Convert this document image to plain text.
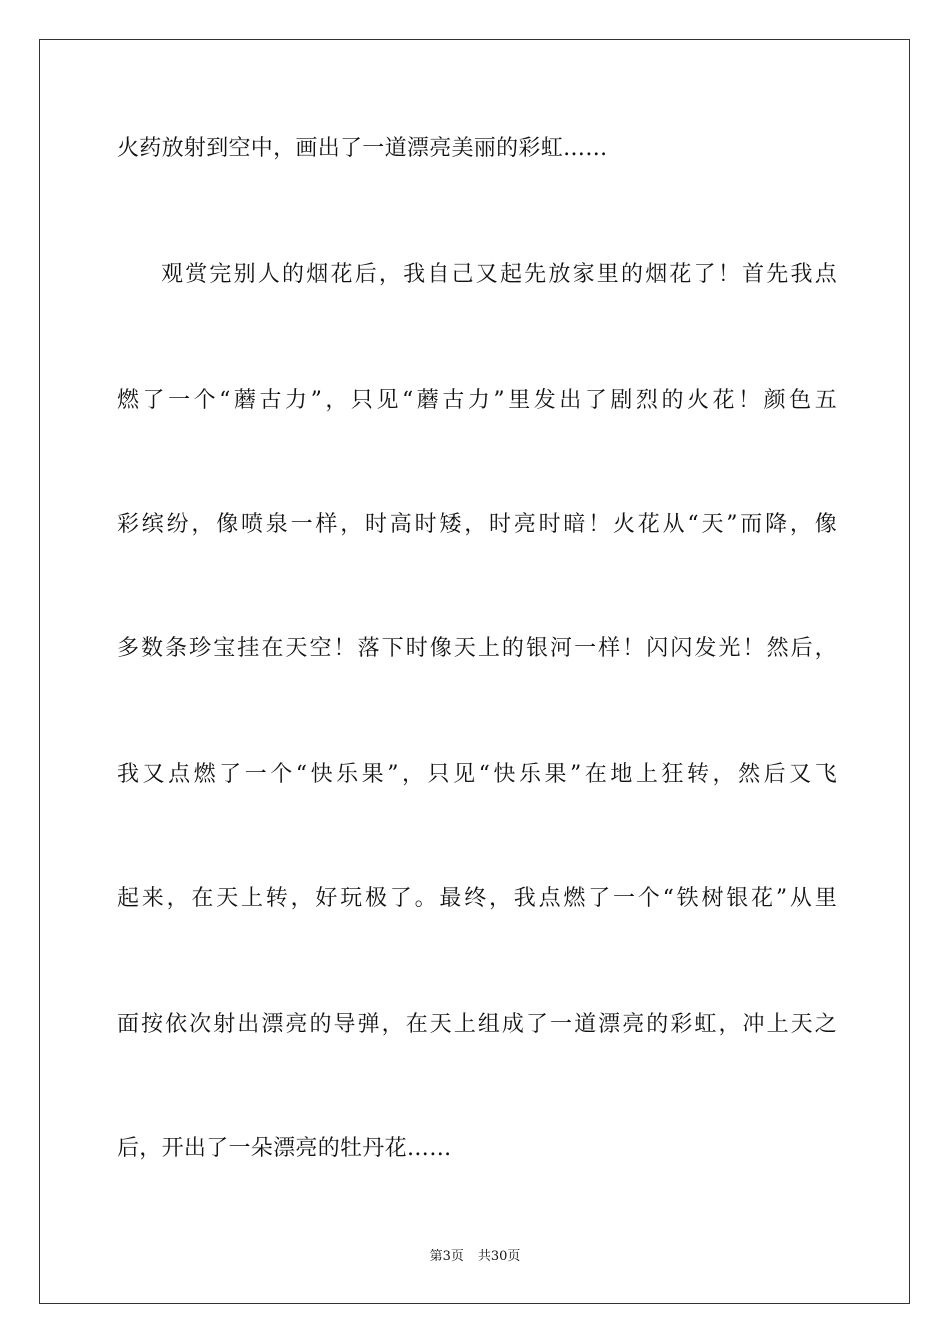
火药放射到空中，画出了一道漂亮美丽的彩虹……
观赏完别人的烟花后，我自己又起先放家里的烟花了！首先我点
燃了一个“蘑古力”，只见“蘑古力”里发出了剧烈的火花！颜色五
彩缤纷，像喷泉一样，时高时矮，时亮时暗！火花从“天”而降，像
多数条珍宝挂在天空！落下时像天上的银河一样！闪闪发光！然后，
我又点燃了一个“快乐果”，只见“快乐果”在地上狂转，然后又飞
起来，在天上转，好玩极了。最终，我点燃了一个“铁树银花”从里
面按依次射出漂亮的导弹，在天上组成了一道漂亮的彩虹，冲上天之
后，开出了一朵漂亮的牡丹花……
第3页 共30页
